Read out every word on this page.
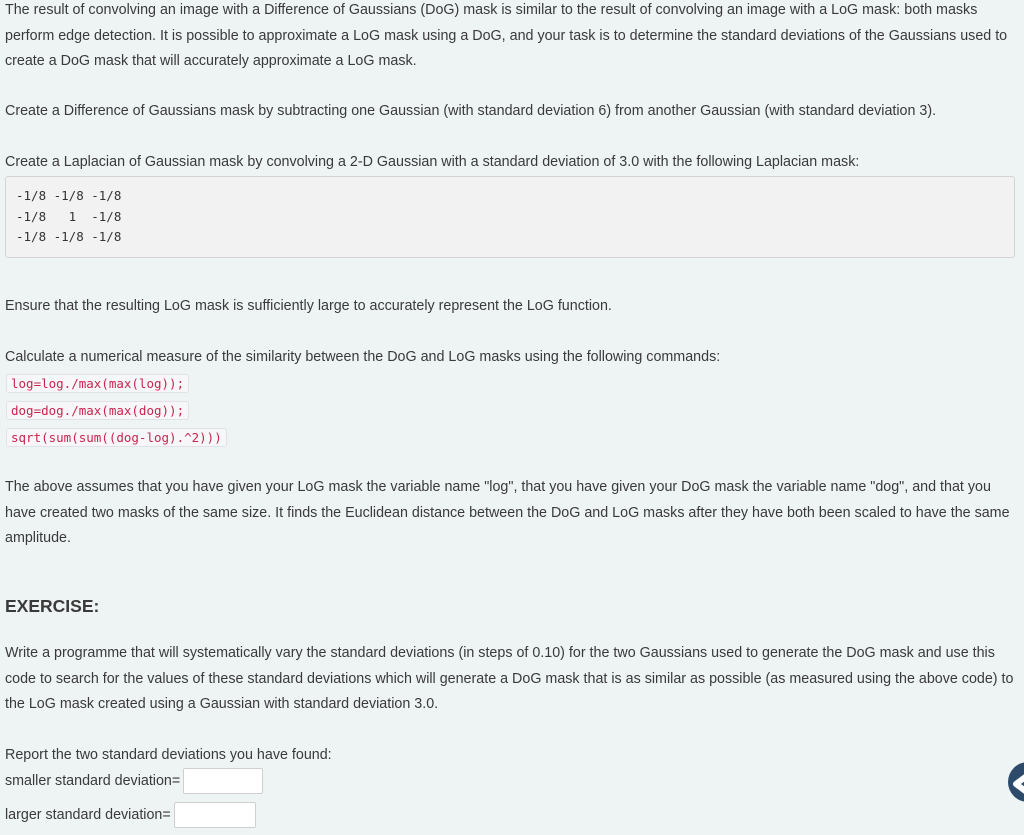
The result of convolving an image with a Difference of Gaussians (DoG) mask is similar to the result of convolving an image with a LoG mask: both masks perform edge detection. It is possible to approximate a LoG mask using a DoG, and your task is to determine the standard deviations of the Gaussians used to create a DoG mask that will accurately approximate a LoG mask.

Create a Difference of Gaussians mask by subtracting one Gaussian (with standard deviation 6) from another Gaussian (with standard deviation 3).

Create a Laplacian of Gaussian mask by convolving a 2-D Gaussian with a standard deviation of 3.0 with the following Laplacian mask:

-1/8 -1/8 -1/8
-1/8   1  -1/8
-1/8 -1/8 -1/8

Ensure that the resulting LoG mask is sufficiently large to accurately represent the LoG function.

Calculate a numerical measure of the similarity between the DoG and LoG masks using the following commands:

log=log./max(max(log));
dog=dog./max(max(dog));
sqrt(sum(sum((dog-log).^2)))

The above assumes that you have given your LoG mask the variable name "log", that you have given your DoG mask the variable name "dog", and that you have created two masks of the same size. It finds the Euclidean distance between the DoG and LoG masks after they have both been scaled to have the same amplitude.

EXERCISE:

Write a programme that will systematically vary the standard deviations (in steps of 0.10) for the two Gaussians used to generate the DoG mask and use this code to search for the values of these standard deviations which will generate a DoG mask that is as similar as possible (as measured using the above code) to the LoG mask created using a Gaussian with standard deviation 3.0.

Report the two standard deviations you have found:

smaller standard deviation=
larger standard deviation=
